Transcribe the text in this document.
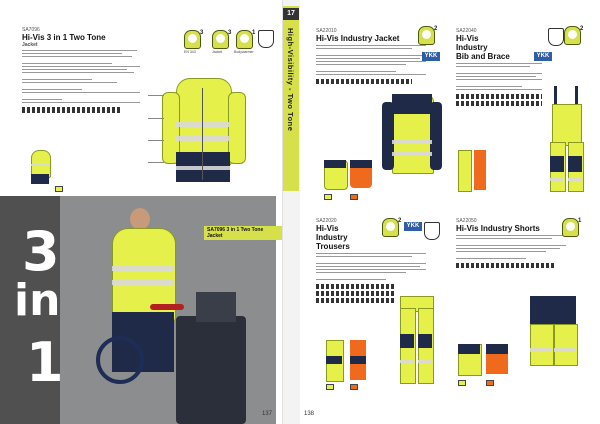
SA7096
Hi-Vis 3 in 1 Two Tone
Jacket
3	3	1
EN 343	Jacket	Bodywarmer
3
in
1
SA7096 3 in 1 Two Tone Jacket
137
17
High-Visibility - Two Tone	SA22010
Hi-Vis Industry Jacket
2
YKK
SA22040
Hi-Vis
Industry
Bib and Brace
2
YKK
SA22020
Hi-Vis
Industry
Trousers
2
YKK
SA22050
Hi-Vis Industry Shorts
1
138
